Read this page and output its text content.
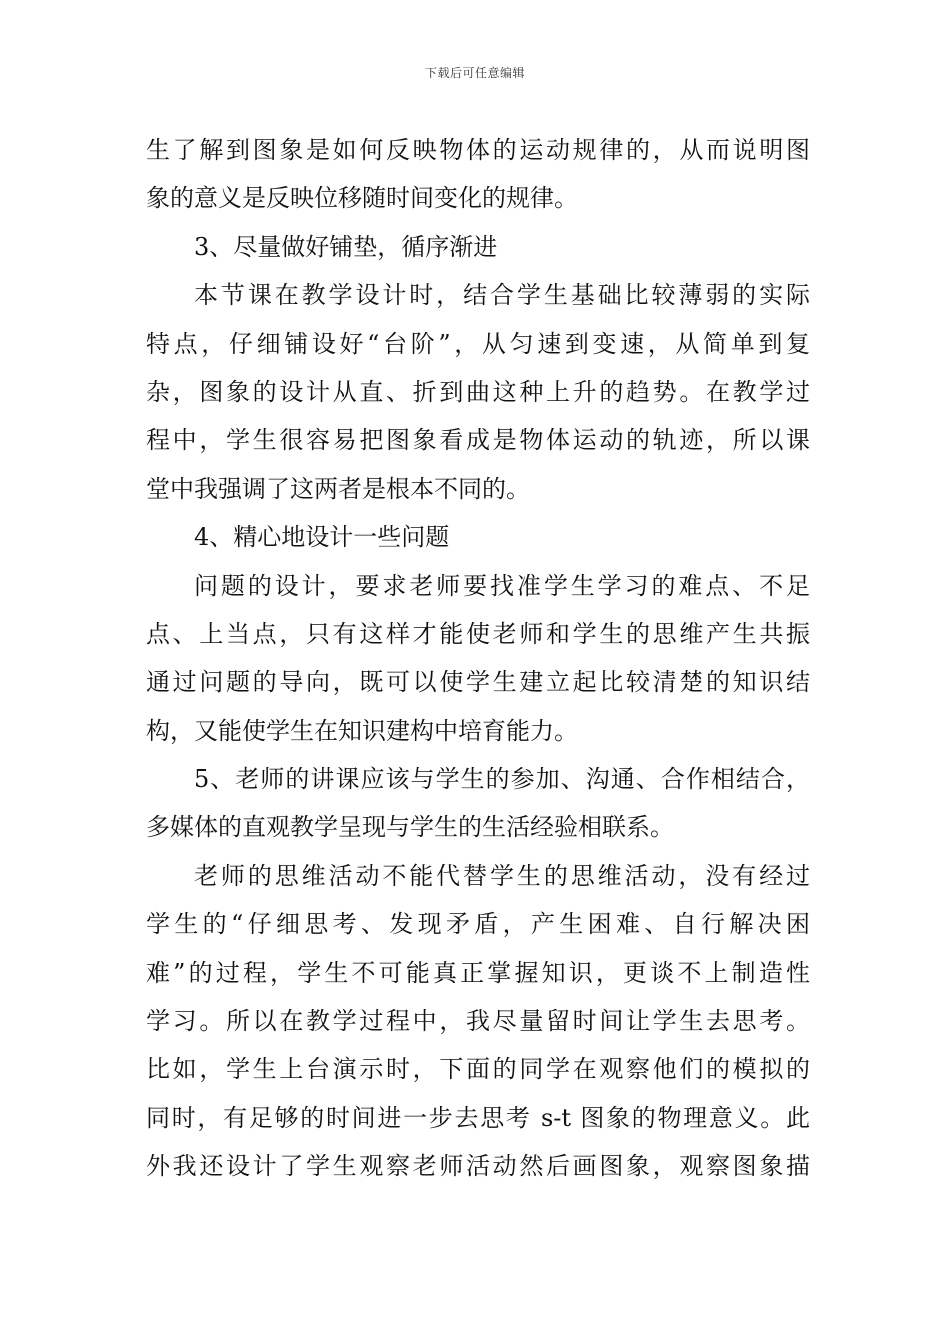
下载后可任意编辑
生了解到图象是如何反映物体的运动规律的，从而说明图
象的意义是反映位移随时间变化的规律。
3、尽量做好铺垫，循序渐进
本节课在教学设计时，结合学生基础比较薄弱的实际
特点，仔细铺设好“台阶”，从匀速到变速，从简单到复
杂，图象的设计从直、折到曲这种上升的趋势。在教学过
程中，学生很容易把图象看成是物体运动的轨迹，所以课
堂中我强调了这两者是根本不同的。
4、精心地设计一些问题
问题的设计，要求老师要找准学生学习的难点、不足
点、上当点，只有这样才能使老师和学生的思维产生共振
通过问题的导向，既可以使学生建立起比较清楚的知识结
构，又能使学生在知识建构中培育能力。
5、老师的讲课应该与学生的参加、沟通、合作相结合，
多媒体的直观教学呈现与学生的生活经验相联系。
老师的思维活动不能代替学生的思维活动，没有经过
学生的“仔细思考、发现矛盾，产生困难、自行解决困
难”的过程，学生不可能真正掌握知识，更谈不上制造性
学习。所以在教学过程中，我尽量留时间让学生去思考。
比如，学生上台演示时，下面的同学在观察他们的模拟的
同时，有足够的时间进一步去思考 s-t 图象的物理意义。此
外我还设计了学生观察老师活动然后画图象，观察图象描
